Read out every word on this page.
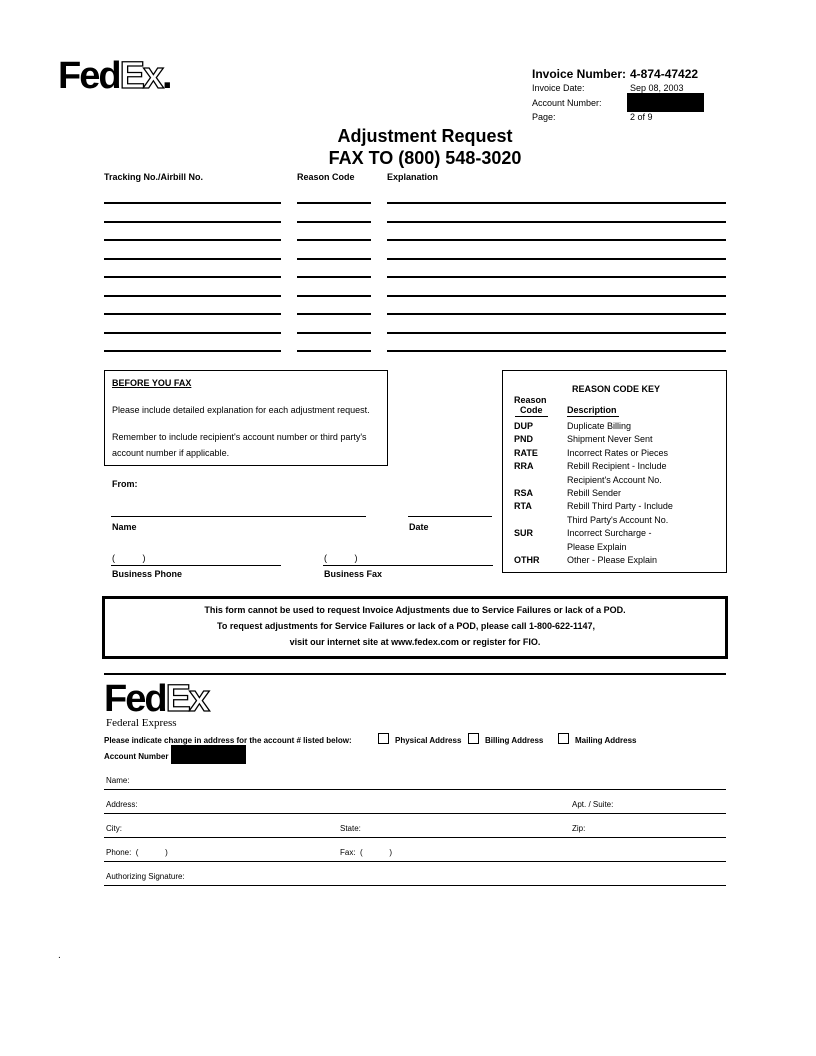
FedEx.	Invoice Number: 4-874-47422
Invoice Date:	Sep 08, 2003
Account Number:
Page:	2 of 9
Adjustment Request
FAX TO (800) 548-3020
Tracking No./Airbill No.	Reason Code	Explanation
BEFORE YOU FAX
Please include detailed explanation for each adjustment request.
Remember to include recipient's account number or third party's
account number if applicable.
From:
Name	Date
(           )	(           )
Business Phone	Business Fax
REASON CODE KEY
Reason
Code	Description
DUP	Duplicate Billing
PND	Shipment Never Sent
RATE	Incorrect Rates or Pieces
RRA	Rebill Recipient - Include
Recipient's Account No.
RSA	Rebill Sender
RTA	Rebill Third Party - Include
Third Party's Account No.
SUR	Incorrect Surcharge -
Please Explain
OTHR	Other - Please Explain
This form cannot be used to request Invoice Adjustments due to Service Failures or lack of a POD.
To request adjustments for Service Failures or lack of a POD, please call 1-800-622-1147,
visit our internet site at www.fedex.com or register for FIO.
FedEx
Federal Express
Please indicate change in address for the account # listed below:	Physical Address	Billing Address	Mailing Address
Account Number
Name:
Address:	Apt. / Suite:
City:	State:	Zip:
Phone:  (            )	Fax:  (            )
Authorizing Signature:
.
